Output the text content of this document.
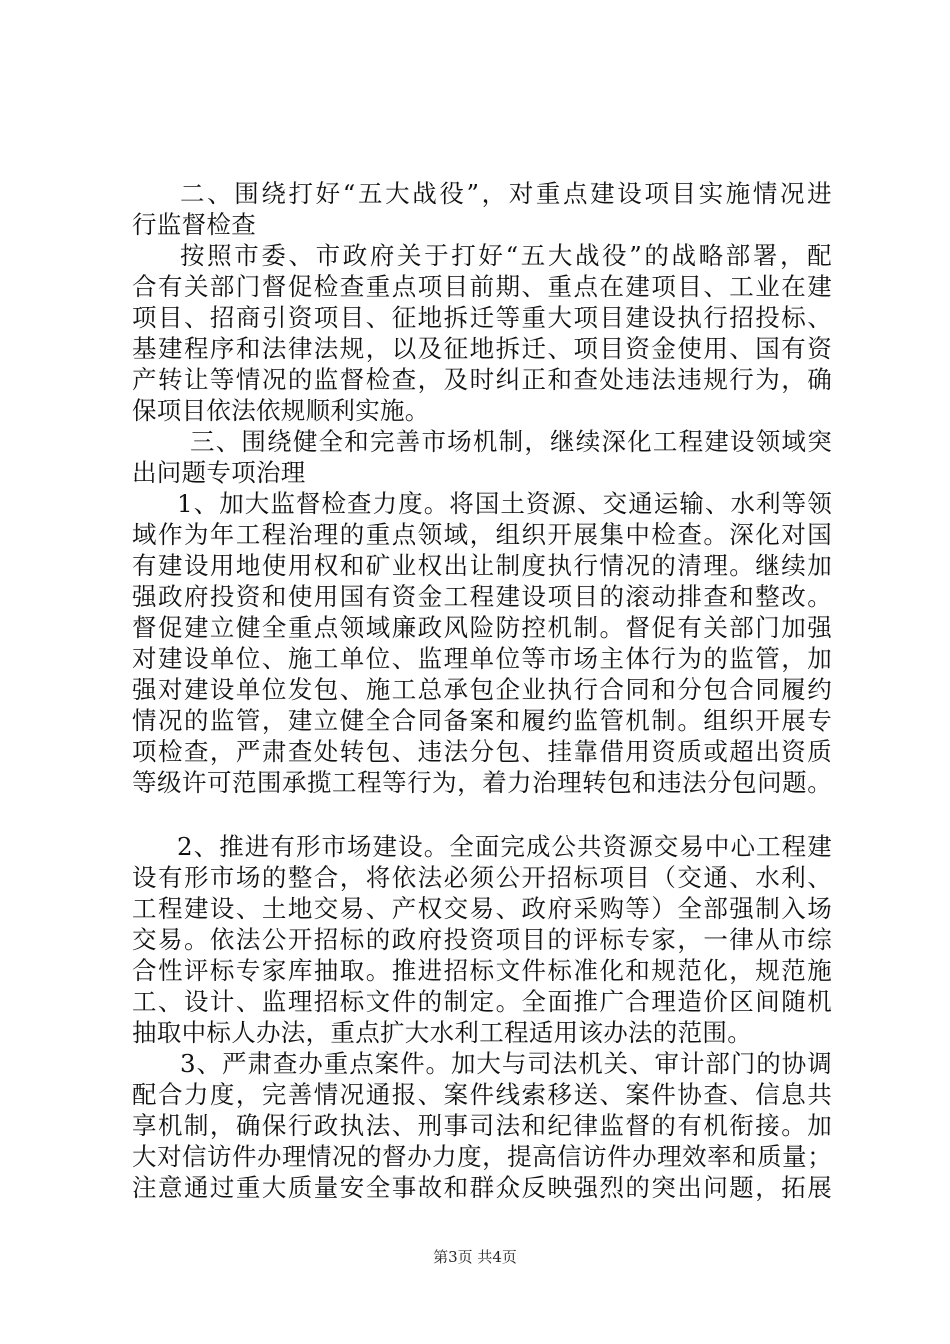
二、围绕打好“五大战役”，对重点建设项目实施情况进
行监督检查
按照市委、市政府关于打好“五大战役”的战略部署，配
合有关部门督促检查重点项目前期、重点在建项目、工业在建
项目、招商引资项目、征地拆迁等重大项目建设执行招投标、
基建程序和法律法规，以及征地拆迁、项目资金使用、国有资
产转让等情况的监督检查，及时纠正和查处违法违规行为，确
保项目依法依规顺利实施。
三、围绕健全和完善市场机制，继续深化工程建设领域突
出问题专项治理
1、加大监督检查力度。将国土资源、交通运输、水利等领
域作为年工程治理的重点领域，组织开展集中检查。深化对国
有建设用地使用权和矿业权出让制度执行情况的清理。继续加
强政府投资和使用国有资金工程建设项目的滚动排查和整改。
督促建立健全重点领域廉政风险防控机制。督促有关部门加强
对建设单位、施工单位、监理单位等市场主体行为的监管，加
强对建设单位发包、施工总承包企业执行合同和分包合同履约
情况的监管，建立健全合同备案和履约监管机制。组织开展专
项检查，严肃查处转包、违法分包、挂靠借用资质或超出资质
等级许可范围承揽工程等行为，着力治理转包和违法分包问题。
2、推进有形市场建设。全面完成公共资源交易中心工程建
设有形市场的整合，将依法必须公开招标项目（交通、水利、
工程建设、土地交易、产权交易、政府采购等）全部强制入场
交易。依法公开招标的政府投资项目的评标专家，一律从市综
合性评标专家库抽取。推进招标文件标准化和规范化，规范施
工、设计、监理招标文件的制定。全面推广合理造价区间随机
抽取中标人办法，重点扩大水利工程适用该办法的范围。
3、严肃查办重点案件。加大与司法机关、审计部门的协调
配合力度，完善情况通报、案件线索移送、案件协查、信息共
享机制，确保行政执法、刑事司法和纪律监督的有机衔接。加
大对信访件办理情况的督办力度，提高信访件办理效率和质量；
注意通过重大质量安全事故和群众反映强烈的突出问题，拓展
第3页 共4页
